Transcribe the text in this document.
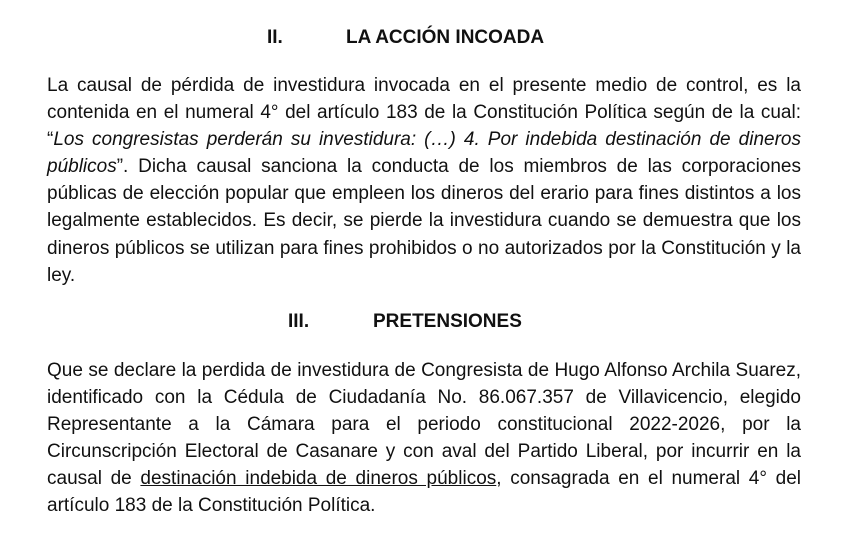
II.	LA ACCIÓN INCOADA

La causal de pérdida de investidura invocada en el presente medio de control, es la contenida en el numeral 4° del artículo 183 de la Constitución Política según de la cual: “Los congresistas perderán su investidura: (…) 4. Por indebida destinación de dineros públicos”. Dicha causal sanciona la conducta de los miembros de las corporaciones públicas de elección popular que empleen los dineros del erario para fines distintos a los legalmente establecidos. Es decir, se pierde la investidura cuando se demuestra que los dineros públicos se utilizan para fines prohibidos o no autorizados por la Constitución y la ley.

III.	PRETENSIONES

Que se declare la perdida de investidura de Congresista de Hugo Alfonso Archila Suarez, identificado con la Cédula de Ciudadanía No. 86.067.357 de Villavicencio, elegido Representante a la Cámara para el periodo constitucional 2022-2026, por la Circunscripción Electoral de Casanare y con aval del Partido Liberal, por incurrir en la causal de destinación indebida de dineros públicos, consagrada en el numeral 4° del artículo 183 de la Constitución Política.
